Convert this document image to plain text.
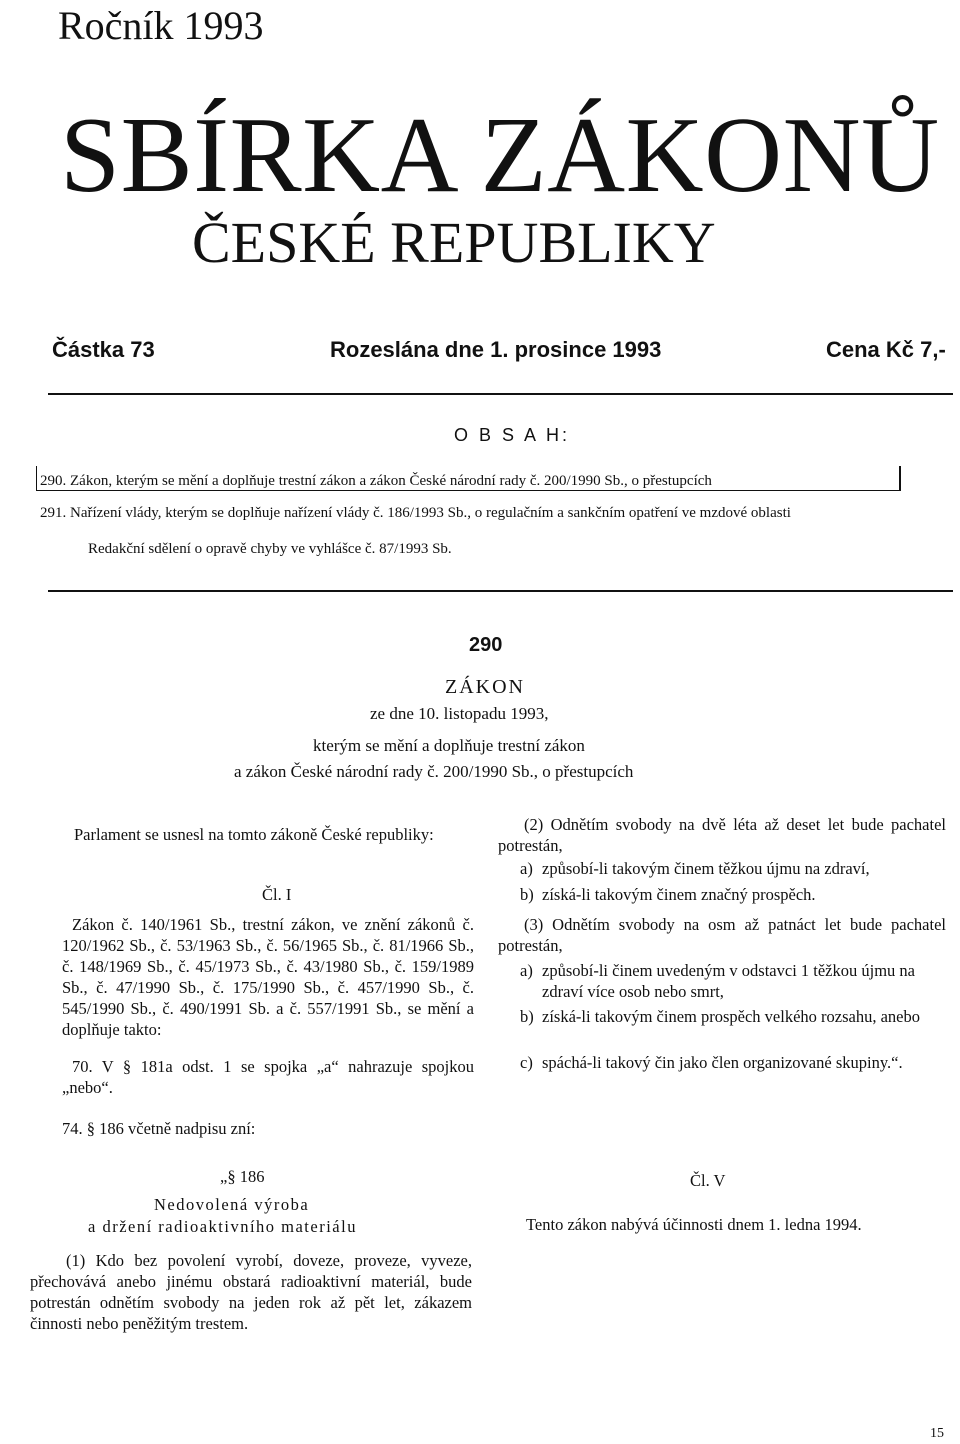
Ročník 1993
SBÍRKA ZÁKONŮ
ČESKÉ REPUBLIKY
Částka 73	Rozeslána dne 1. prosince 1993	Cena Kč 7,-
O B S A H:
290. Zákon, kterým se mění a doplňuje trestní zákon a zákon České národní rady č. 200/1990 Sb., o přestupcích
291. Nařízení vlády, kterým se doplňuje nařízení vlády č. 186/1993 Sb., o regulačním a sankčním opatření ve mzdové oblasti
Redakční sdělení o opravě chyby ve vyhlášce č. 87/1993 Sb.
290
ZÁKON
ze dne 10. listopadu 1993,
kterým se mění a doplňuje trestní zákon
a zákon České národní rady č. 200/1990 Sb., o přestupcích
Parlament se usnesl na tomto zákoně České republiky:
Čl. I
Zákon č. 140/1961 Sb., trestní zákon, ve znění zákonů č. 120/1962 Sb., č. 53/1963 Sb., č. 56/1965 Sb., č. 81/1966 Sb., č. 148/1969 Sb., č. 45/1973 Sb., č. 43/1980 Sb., č. 159/1989 Sb., č. 47/1990 Sb., č. 175/1990 Sb., č. 457/1990 Sb., č. 545/1990 Sb., č. 490/1991 Sb. a č. 557/1991 Sb., se mění a doplňuje takto:
70. V § 181a odst. 1 se spojka „a“ nahrazuje spojkou „nebo“.
74. § 186 včetně nadpisu zní:
„§ 186
Nedovolená výroba
a držení radioaktivního materiálu
(1) Kdo bez povolení vyrobí, doveze, proveze, vyveze, přechovává anebo jinému obstará radioaktivní materiál, bude potrestán odnětím svobody na jeden rok až pět let, zákazem činnosti nebo peněžitým trestem.
(2) Odnětím svobody na dvě léta až deset let bude pachatel potrestán,
a) způsobí-li takovým činem těžkou újmu na zdraví,
b) získá-li takovým činem značný prospěch.
(3) Odnětím svobody na osm až patnáct let bude pachatel potrestán,
a) způsobí-li činem uvedeným v odstavci 1 těžkou újmu na zdraví více osob nebo smrt,
b) získá-li takovým činem prospěch velkého rozsahu, anebo
c) spáchá-li takový čin jako člen organizované skupiny.“.
Čl. V
Tento zákon nabývá účinnosti dnem 1. ledna 1994.
15
